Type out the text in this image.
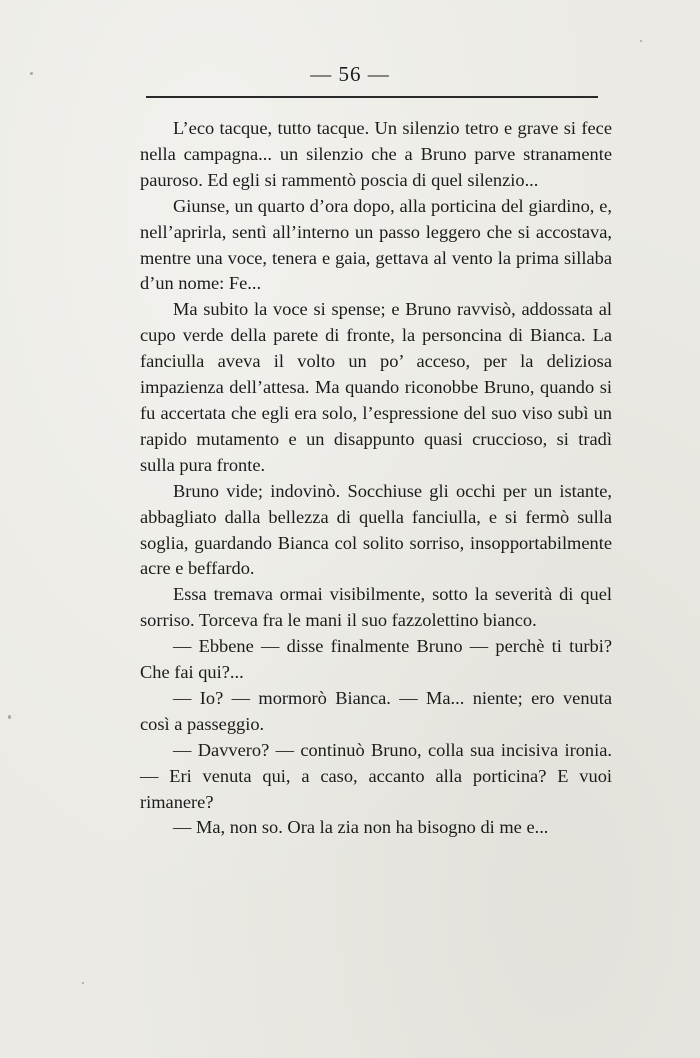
— 56 —

L’eco tacque, tutto tacque. Un silenzio tetro e grave si fece nella campagna... un silenzio che a Bruno parve stranamente pauroso. Ed egli si rammentò poscia di quel silenzio...

Giunse, un quarto d’ora dopo, alla porticina del giardino, e, nell’aprirla, sentì all’interno un passo leggero che si accostava, mentre una voce, tenera e gaia, gettava al vento la prima sillaba d’un nome: Fe...

Ma subito la voce si spense; e Bruno ravvisò, addossata al cupo verde della parete di fronte, la personcina di Bianca. La fanciulla aveva il volto un po’ acceso, per la deliziosa impazienza dell’attesa. Ma quando riconobbe Bruno, quando si fu accertata che egli era solo, l’espressione del suo viso subì un rapido mutamento e un disappunto quasi cruccioso, si tradì sulla pura fronte.

Bruno vide; indovinò. Socchiuse gli occhi per un istante, abbagliato dalla bellezza di quella fanciulla, e si fermò sulla soglia, guardando Bianca col solito sorriso, insopportabilmente acre e beffardo.

Essa tremava ormai visibilmente, sotto la severità di quel sorriso. Torceva fra le mani il suo fazzolettino bianco.

— Ebbene — disse finalmente Bruno — perchè ti turbi? Che fai qui?...

— Io? — mormorò Bianca. — Ma... niente; ero venuta così a passeggio.

— Davvero? — continuò Bruno, colla sua incisiva ironia. — Eri venuta qui, a caso, accanto alla porticina? E vuoi rimanere?

— Ma, non so. Ora la zia non ha bisogno di me e...
